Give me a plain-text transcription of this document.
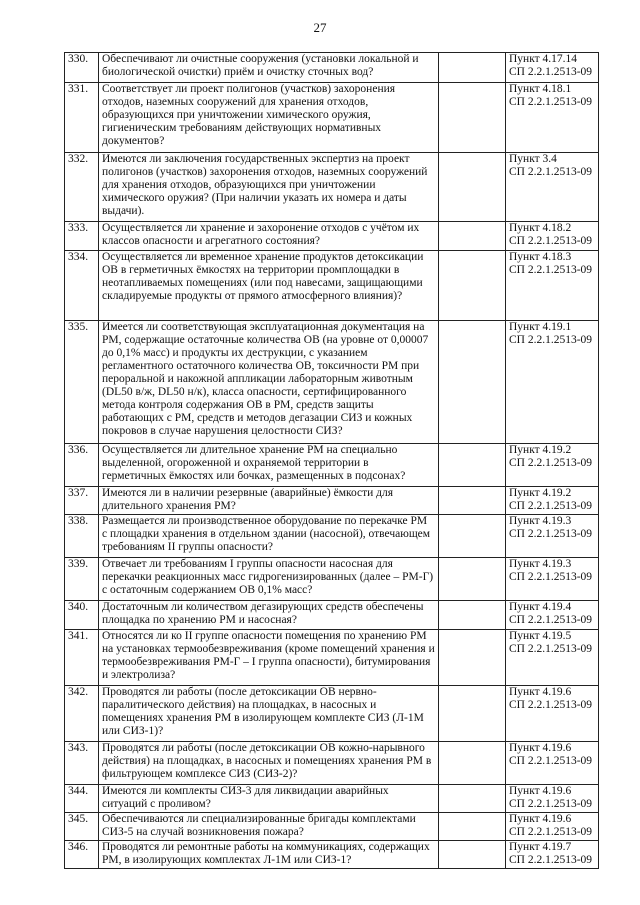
27
330.	Обеспечивают ли очистные сооружения (установки локальной и биологической очистки) приём и очистку сточных вод?		Пункт 4.17.14
СП 2.2.1.2513-09

331.	Соответствует ли проект полигонов (участков) захоронения отходов, наземных сооружений для хранения отходов, образующихся при уничтожении химического оружия, гигиеническим требованиям действующих нормативных документов?		Пункт 4.18.1
СП 2.2.1.2513-09

332.	Имеются ли заключения государственных экспертиз на проект полигонов (участков) захоронения отходов, наземных сооружений для хранения отходов, образующихся при уничтожении химического оружия? (При наличии указать их номера и даты выдачи).		Пункт 3.4
СП 2.2.1.2513-09

333.	Осуществляется ли хранение и захоронение отходов с учётом их классов опасности и агрегатного состояния?		Пункт 4.18.2
СП 2.2.1.2513-09

334.	Осуществляется ли временное хранение продуктов детоксикации ОВ в герметичных ёмкостях на территории промплощадки в неотапливаемых помещениях (или под навесами, защищающими складируемые продукты от прямого атмосферного влияния)?		Пункт 4.18.3
СП 2.2.1.2513-09

335.	Имеется ли соответствующая эксплуатационная документация на РМ, содержащие остаточные количества ОВ (на уровне от 0,00007 до 0,1% масс) и продукты их деструкции, с указанием регламентного остаточного количества ОВ, токсичности РМ при пероральной и накожной аппликации лабораторным животным (DL50 в/ж, DL50 н/к), класса опасности, сертифицированного метода контроля содержания ОВ в РМ, средств защиты работающих с РМ, средств и методов дегазации СИЗ и кожных покровов в случае нарушения целостности СИЗ?		Пункт 4.19.1
СП 2.2.1.2513-09

336.	Осуществляется ли длительное хранение РМ на специально выделенной, огороженной и охраняемой территории в герметичных ёмкостях или бочках, размещенных в подсонах?		Пункт 4.19.2
СП 2.2.1.2513-09

337.	Имеются ли в наличии резервные (аварийные) ёмкости для длительного хранения РМ?		Пункт 4.19.2
СП 2.2.1.2513-09

338.	Размещается ли производственное оборудование по перекачке РМ с площадки хранения в отдельном здании (насосной), отвечающем требованиям II группы опасности?		Пункт 4.19.3
СП 2.2.1.2513-09

339.	Отвечает ли требованиям I группы опасности насосная для перекачки реакционных масс гидрогенизированных (далее – РМ-Г) с остаточным содержанием ОВ 0,1% масс?		Пункт 4.19.3
СП 2.2.1.2513-09

340.	Достаточным ли количеством дегазирующих средств обеспечены площадка по хранению РМ и насосная?		Пункт 4.19.4
СП 2.2.1.2513-09

341.	Относятся ли ко II группе опасности помещения по хранению РМ на установках термообезвреживания (кроме помещений хранения и термообезвреживания РМ-Г – I группа опасности), битумирования и электролиза?		Пункт 4.19.5
СП 2.2.1.2513-09

342.	Проводятся ли работы (после детоксикации ОВ нервно-паралитического действия) на площадках, в насосных и помещениях хранения РМ в изолирующем комплекте СИЗ (Л-1М или СИЗ-1)?		Пункт 4.19.6
СП 2.2.1.2513-09

343.	Проводятся ли работы (после детоксикации ОВ кожно-нарывного действия) на площадках, в насосных и помещениях хранения РМ в фильтрующем комплексе СИЗ (СИЗ-2)?		Пункт 4.19.6
СП 2.2.1.2513-09

344.	Имеются ли комплекты СИЗ-3 для ликвидации аварийных ситуаций с проливом?		Пункт 4.19.6
СП 2.2.1.2513-09

345.	Обеспечиваются ли специализированные бригады комплектами СИЗ-5 на случай возникновения пожара?		Пункт 4.19.6
СП 2.2.1.2513-09

346.	Проводятся ли ремонтные работы на коммуникациях, содержащих РМ, в изолирующих комплектах Л-1М или СИЗ-1?		Пункт 4.19.7
СП 2.2.1.2513-09
